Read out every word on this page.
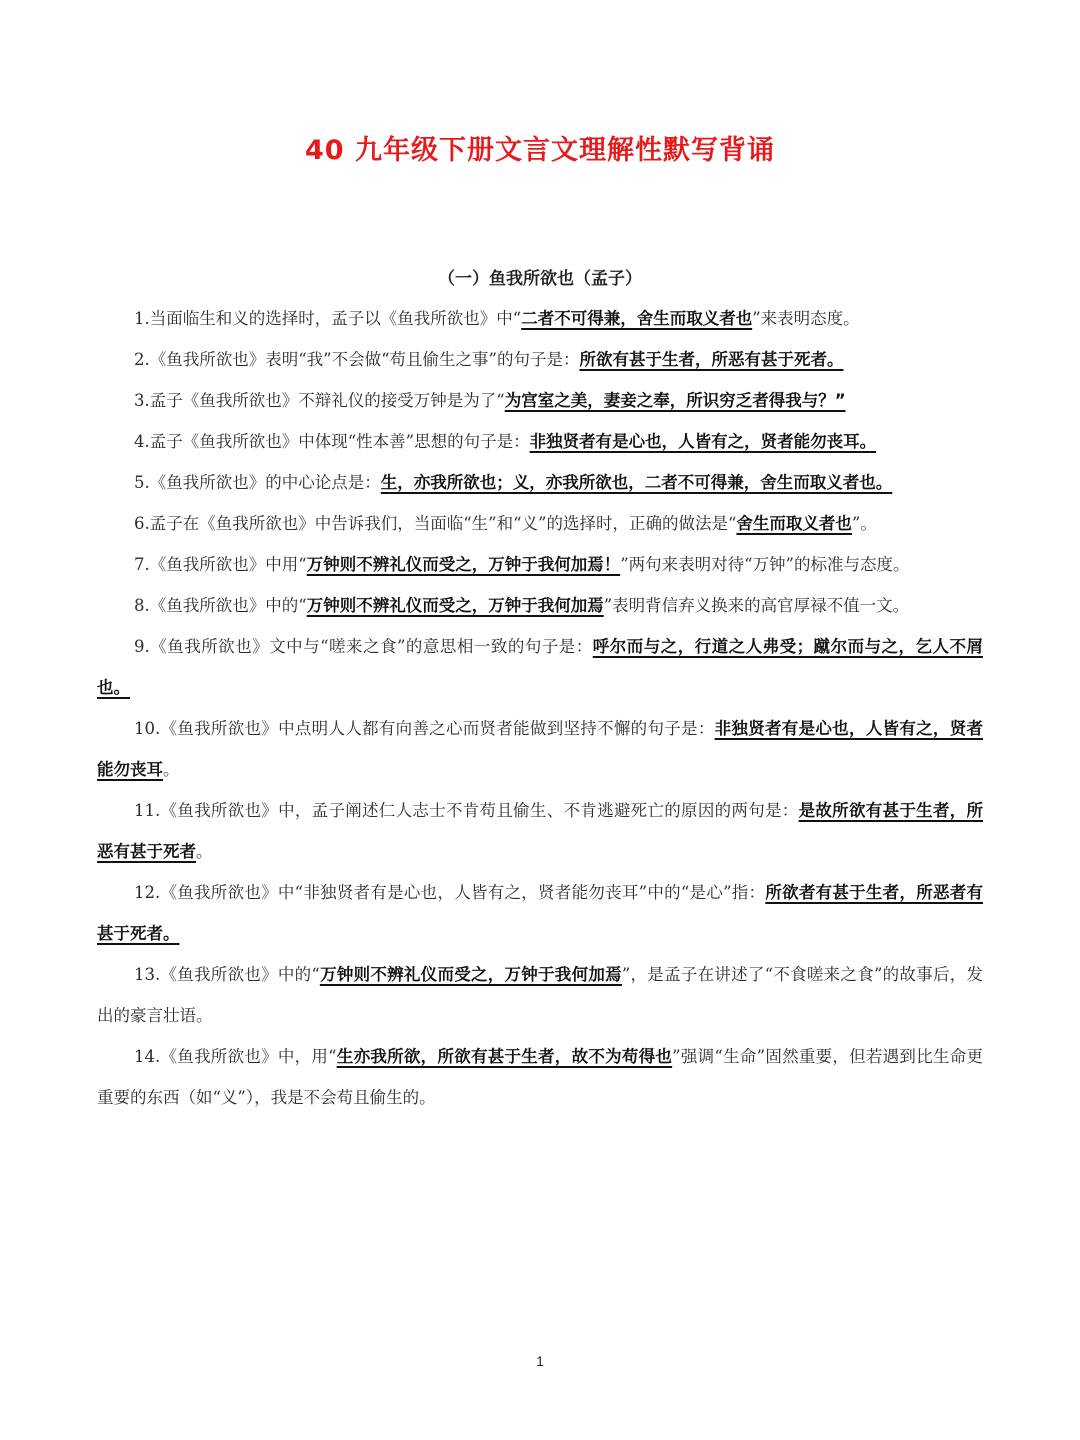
40 九年级下册文言文理解性默写背诵
（一）鱼我所欲也（孟子）

1.当面临生和义的选择时，孟子以《鱼我所欲也》中“二者不可得兼，舍生而取义者也”来表明态度。

2.《鱼我所欲也》表明“我”不会做“苟且偷生之事”的句子是：所欲有甚于生者，所恶有甚于死者。

3.孟子《鱼我所欲也》不辩礼仪的接受万钟是为了“为宫室之美，妻妾之奉，所识穷乏者得我与？”

4.孟子《鱼我所欲也》中体现“性本善”思想的句子是：非独贤者有是心也，人皆有之，贤者能勿丧耳。

5.《鱼我所欲也》的中心论点是：生，亦我所欲也；义，亦我所欲也，二者不可得兼，舍生而取义者也。

6.孟子在《鱼我所欲也》中告诉我们，当面临“生”和“义”的选择时，正确的做法是“舍生而取义者也”。

7.《鱼我所欲也》中用“万钟则不辨礼仪而受之，万钟于我何加焉！”两句来表明对待“万钟”的标准与态度。

8.《鱼我所欲也》中的“万钟则不辨礼仪而受之，万钟于我何加焉”表明背信弃义换来的高官厚禄不值一文。

9.《鱼我所欲也》文中与“嗟来之食”的意思相一致的句子是：呼尔而与之，行道之人弗受；蹴尔而与之，乞人不屑也。

10.《鱼我所欲也》中点明人人都有向善之心而贤者能做到坚持不懈的句子是：非独贤者有是心也，人皆有之，贤者能勿丧耳。

11.《鱼我所欲也》中，孟子阐述仁人志士不肯苟且偷生、不肯逃避死亡的原因的两句是：是故所欲有甚于生者，所恶有甚于死者。

12.《鱼我所欲也》中“非独贤者有是心也，人皆有之，贤者能勿丧耳”中的“是心”指：所欲者有甚于生者，所恶者有甚于死者。

13.《鱼我所欲也》中的“万钟则不辨礼仪而受之，万钟于我何加焉”，是孟子在讲述了“不食嗟来之食”的故事后，发出的豪言壮语。

14.《鱼我所欲也》中，用“生亦我所欲，所欲有甚于生者，故不为苟得也”强调“生命”固然重要，但若遇到比生命更重要的东西（如“义”），我是不会苟且偷生的。

1
